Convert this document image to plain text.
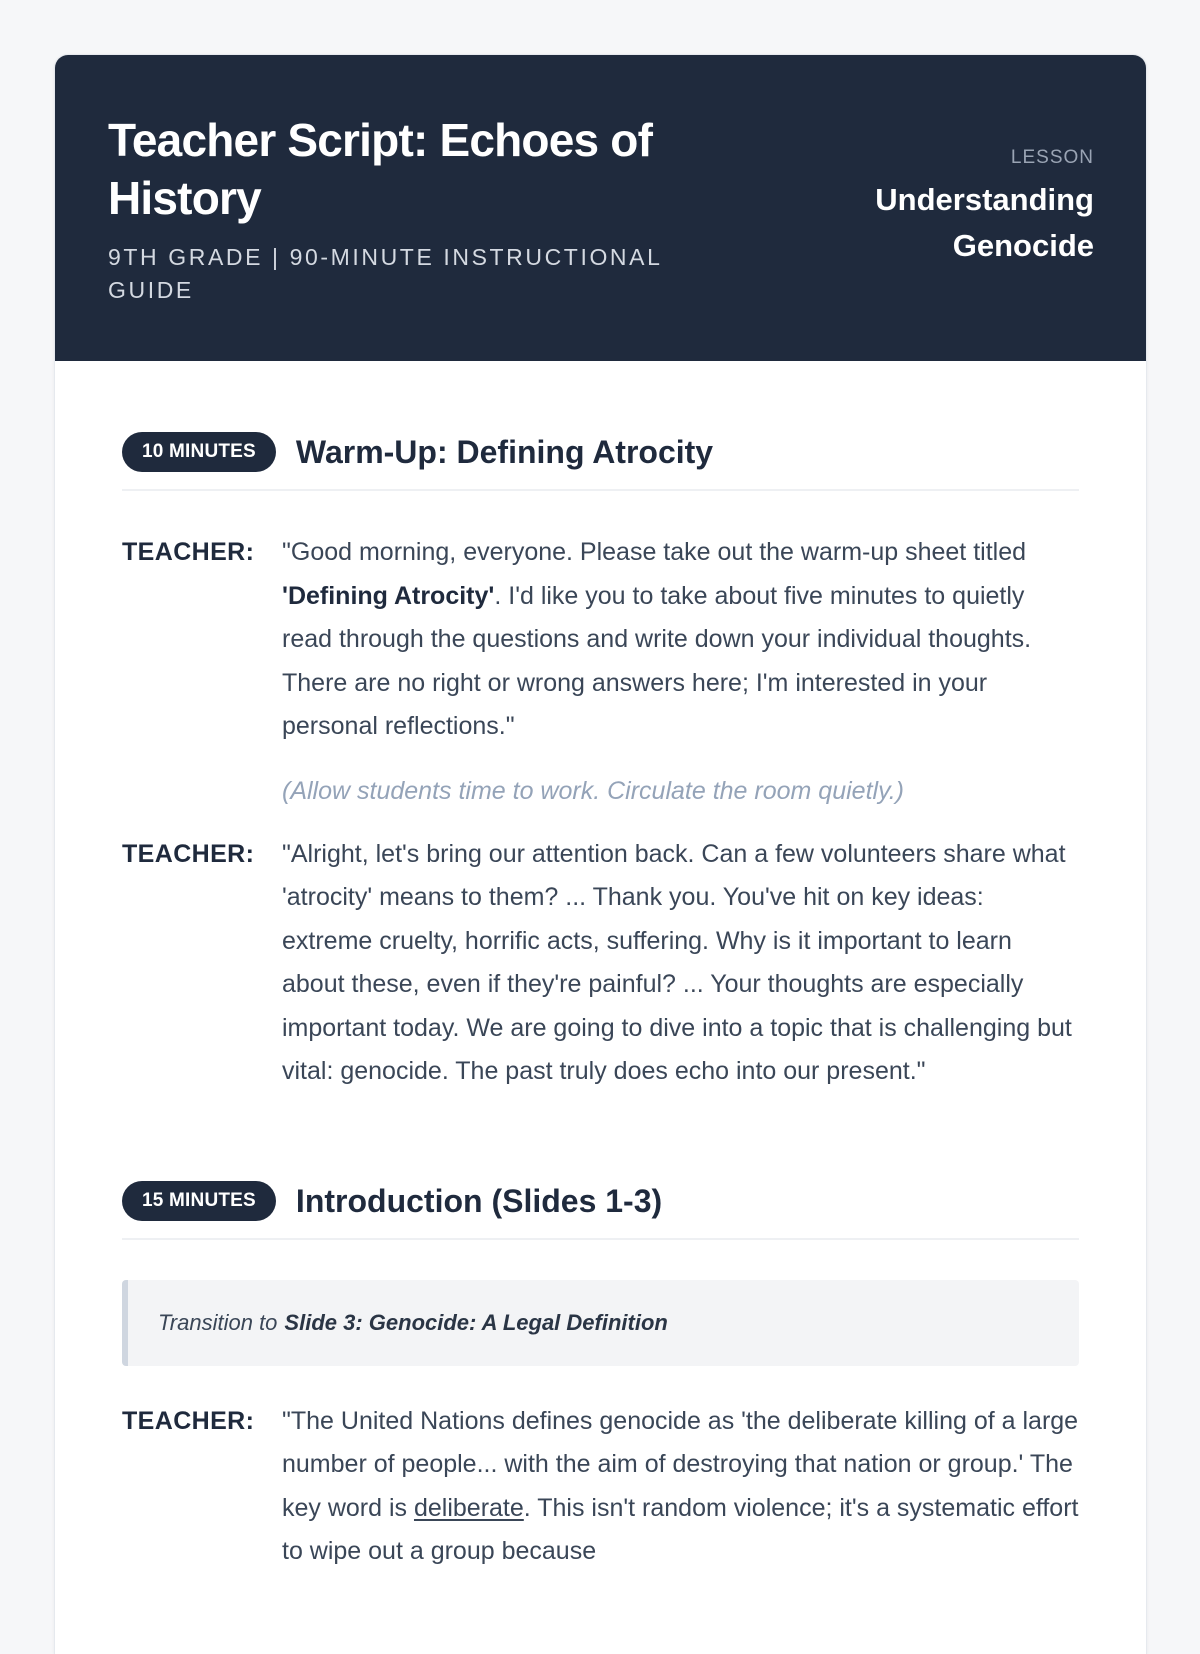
Teacher Script: Echoes of History
9TH GRADE | 90-MINUTE INSTRUCTIONAL GUIDE
LESSON
Understanding Genocide
10 MINUTES	Warm-Up: Defining Atrocity
TEACHER:	"Good morning, everyone. Please take out the warm-up sheet titled 'Defining Atrocity'. I'd like you to take about five minutes to quietly read through the questions and write down your individual thoughts. There are no right or wrong answers here; I'm interested in your personal reflections."
(Allow students time to work. Circulate the room quietly.)
TEACHER:	"Alright, let's bring our attention back. Can a few volunteers share what 'atrocity' means to them? ... Thank you. You've hit on key ideas: extreme cruelty, horrific acts, suffering. Why is it important to learn about these, even if they're painful? ... Your thoughts are especially important today. We are going to dive into a topic that is challenging but vital: genocide. The past truly does echo into our present."
15 MINUTES	Introduction (Slides 1-3)
Transition to Slide 3: Genocide: A Legal Definition
TEACHER:	"The United Nations defines genocide as 'the deliberate killing of a large number of people... with the aim of destroying that nation or group.' The key word is deliberate. This isn't random violence; it's a systematic effort to wipe out a group because
